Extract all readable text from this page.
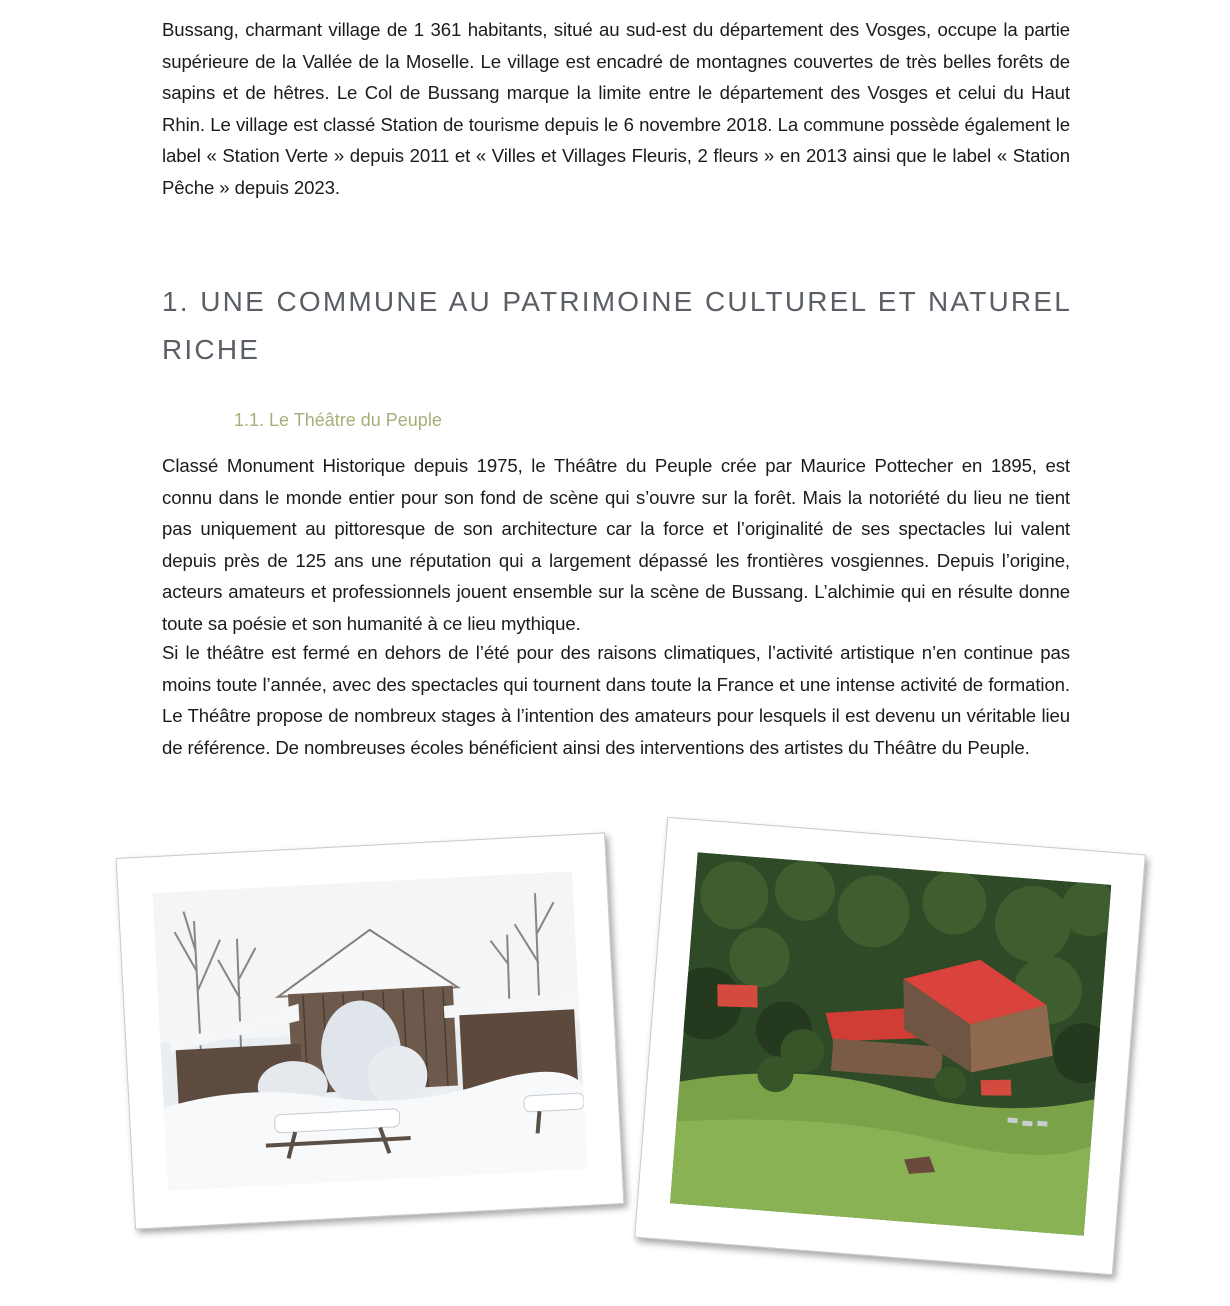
Bussang, charmant village de 1 361 habitants, situé au sud-est du département des Vosges, occupe la partie supérieure de la Vallée de la Moselle. Le village est encadré de montagnes couvertes de très belles forêts de sapins et de hêtres. Le Col de Bussang marque la limite entre le département des Vosges et celui du Haut Rhin. Le village est classé Station de tourisme depuis le 6 novembre 2018. La commune possède également le label « Station Verte » depuis 2011 et « Villes et Villages Fleuris, 2 fleurs » en 2013 ainsi que le label « Station Pêche » depuis 2023.

1. UNE COMMUNE AU PATRIMOINE CULTUREL ET NATUREL RICHE
1.1. Le Théâtre du Peuple

Classé Monument Historique depuis 1975, le Théâtre du Peuple crée par Maurice Pottecher en 1895, est connu dans le monde entier pour son fond de scène qui s’ouvre sur la forêt. Mais la notoriété du lieu ne tient pas uniquement au pittoresque de son architecture car la force et l’originalité de ses spectacles lui valent depuis près de 125 ans une réputation qui a largement dépassé les frontières vosgiennes. Depuis l’origine, acteurs amateurs et professionnels jouent ensemble sur la scène de Bussang. L’alchimie qui en résulte donne toute sa poésie et son humanité à ce lieu mythique.

Si le théâtre est fermé en dehors de l’été pour des raisons climatiques, l’activité artistique n’en continue pas moins toute l’année, avec des spectacles qui tournent dans toute la France et une intense activité de formation. Le Théâtre propose de nombreux stages à l’intention des amateurs pour lesquels il est devenu un véritable lieu de référence. De nombreuses écoles bénéficient ainsi des interventions des artistes du Théâtre du Peuple.
